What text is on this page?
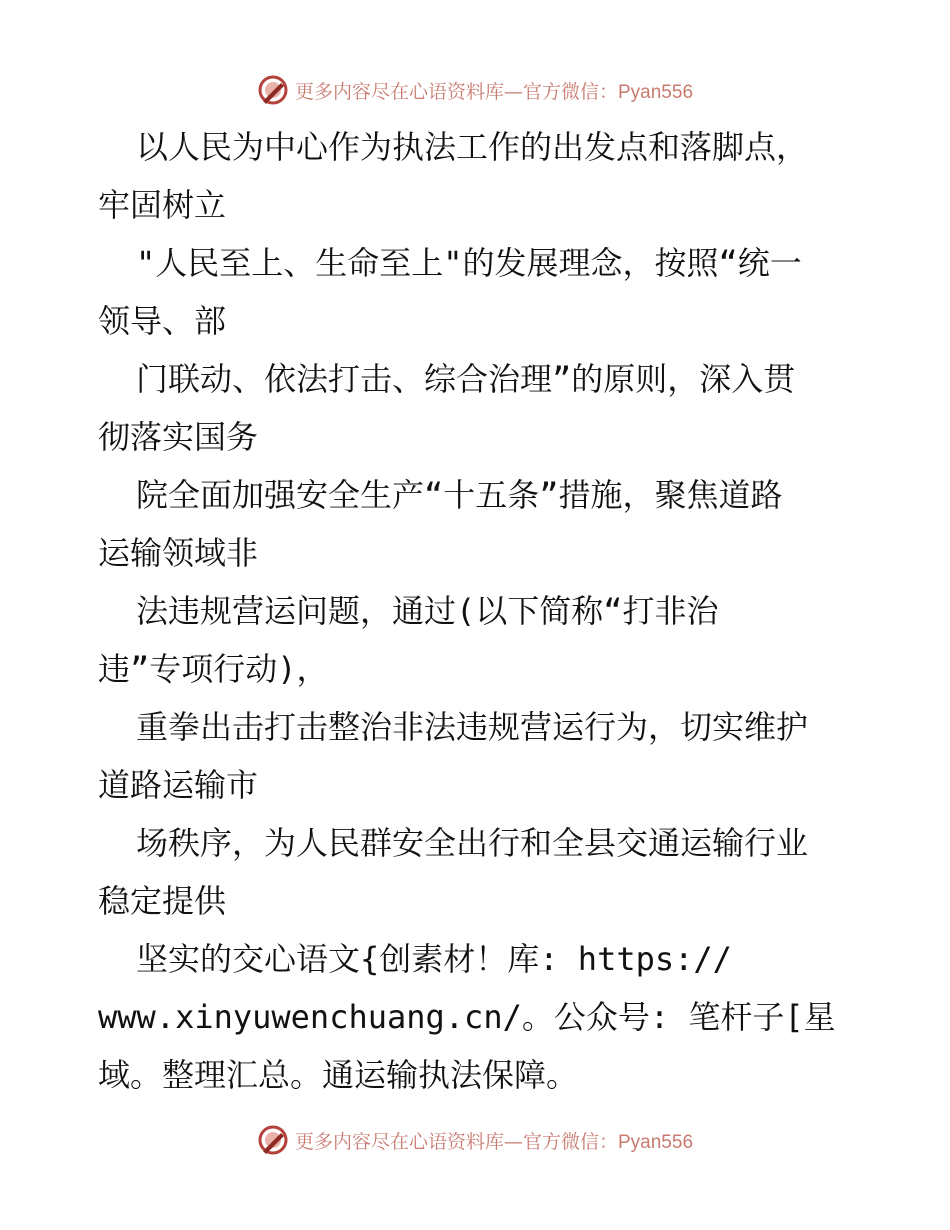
更多内容尽在心语资料库—官方微信：Pyan556
以人民为中心作为执法工作的出发点和落脚点，
牢固树立
"人民至上、生命至上"的发展理念，按照“统一
领导、部
门联动、依法打击、综合治理”的原则，深入贯
彻落实国务
院全面加强安全生产“十五条”措施，聚焦道路
运输领域非
法违规营运问题，通过(以下简称“打非治
违”专项行动)，
重拳出击打击整治非法违规营运行为，切实维护
道路运输市
场秩序，为人民群安全出行和全县交通运输行业
稳定提供
坚实的交心语文{创素材！库: https://
www.xinyuwenchuang.cn/。公众号: 笔杆子[星
域。整理汇总。通运输执法保障。
更多内容尽在心语资料库—官方微信：Pyan556
